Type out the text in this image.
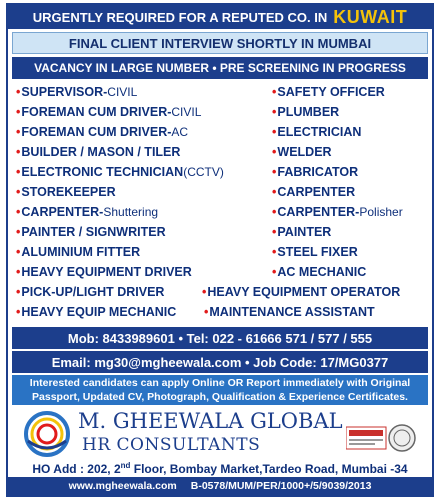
URGENTLY REQUIRED FOR A REPUTED CO. IN KUWAIT
FINAL CLIENT INTERVIEW SHORTLY IN MUMBAI
VACANCY IN LARGE NUMBER • PRE SCREENING IN PROGRESS
• SUPERVISOR- CIVIL	• SAFETY OFFICER
• FOREMAN CUM DRIVER- CIVIL	• PLUMBER
• FOREMAN CUM DRIVER- AC	• ELECTRICIAN
• BUILDER / MASON / TILER	• WELDER
• ELECTRONIC TECHNICIAN (CCTV)	• FABRICATOR
• STOREKEEPER	• CARPENTER
• CARPENTER- Shuttering	• CARPENTER- Polisher
• PAINTER / SIGNWRITER	• PAINTER
• ALUMINIUM FITTER	• STEEL FIXER
• HEAVY EQUIPMENT DRIVER	• AC MECHANIC
• PICK-UP/LIGHT DRIVER	• HEAVY EQUIPMENT OPERATOR
• HEAVY EQUIP MECHANIC • MAINTENANCE ASSISTANT
Mob: 8433989601 • Tel: 022 - 61666 571 / 577 / 555
Email: mg30@mgheewala.com • Job Code: 17/MG0377
Interested candidates can apply Online OR Report immediately with Original
Passport, Updated CV, Photograph, Qualification & Experience Certificates.
M. GHEEWALA GLOBAL
HR CONSULTANTS
HO Add : 202, 2nd Floor, Bombay Market,Tardeo Road, Mumbai -34
www.mgheewala.com B-0578/MUM/PER/1000+/5/9039/2013
